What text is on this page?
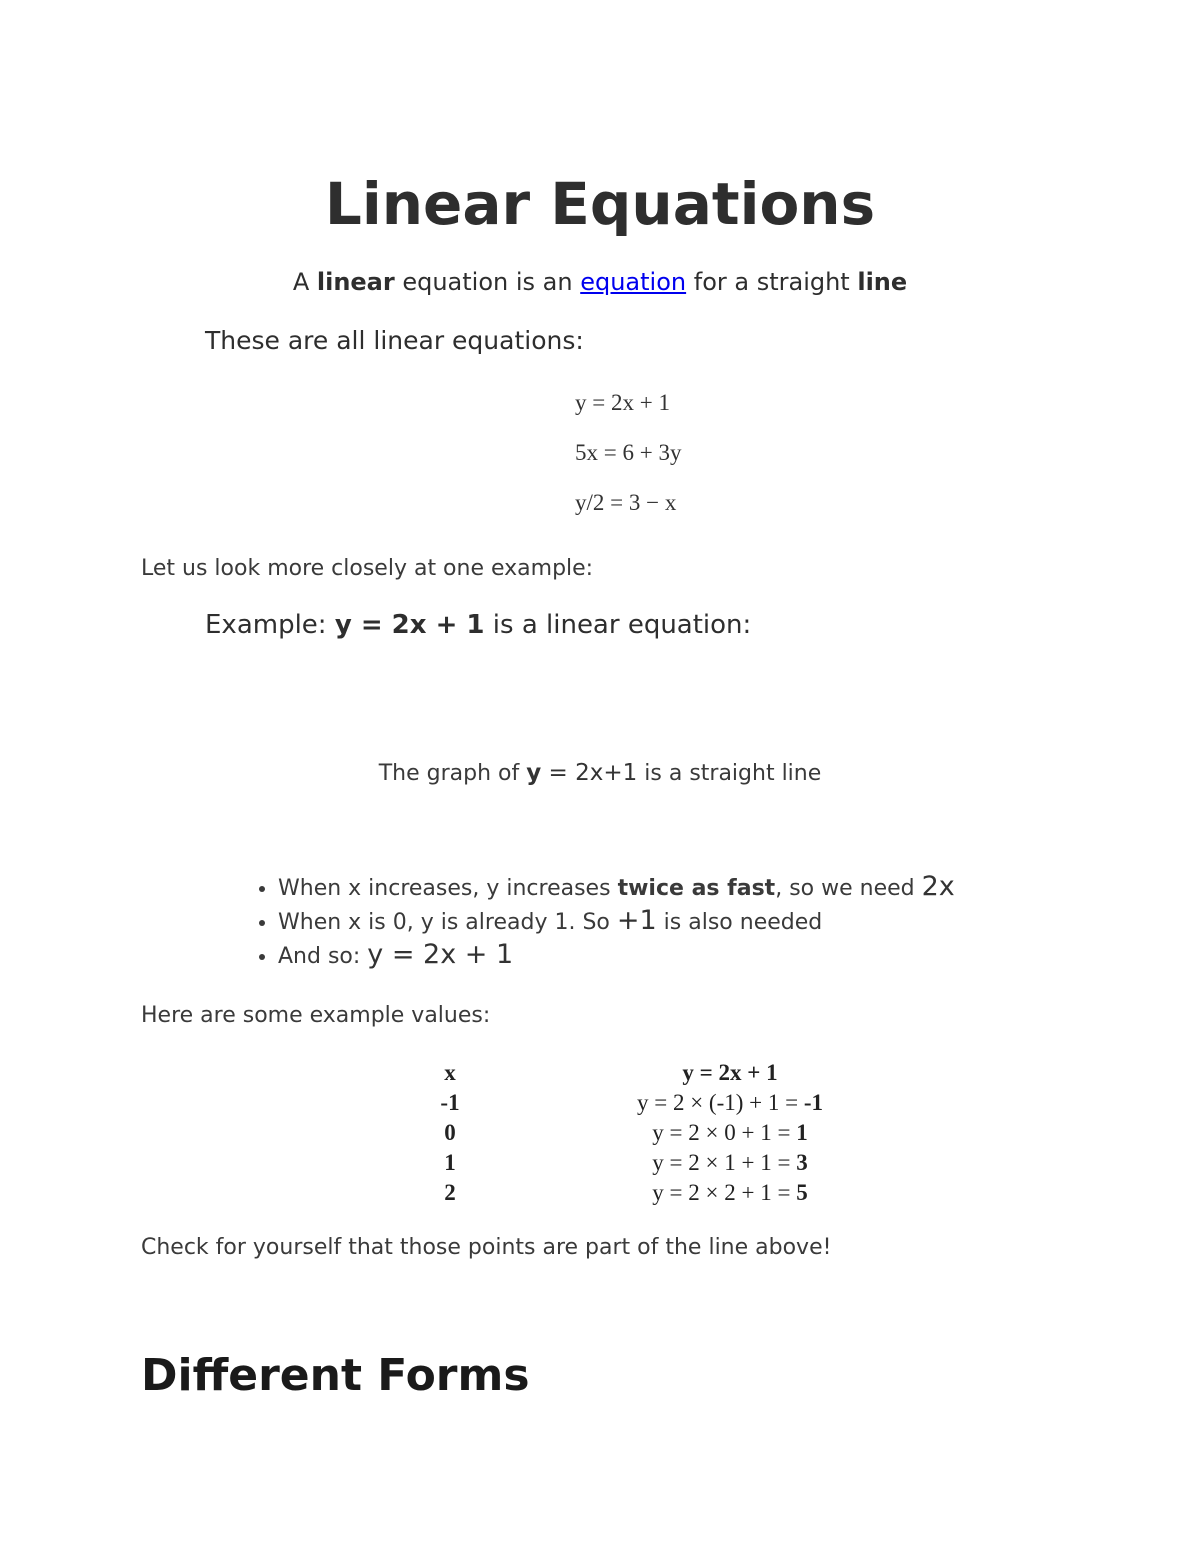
Linear Equations
A linear equation is an equation for a straight line
These are all linear equations:
y = 2x + 1
5x = 6 + 3y
y/2 = 3 − x
Let us look more closely at one example:
Example: y = 2x + 1 is a linear equation:
The graph of y = 2x+1 is a straight line
• When x increases, y increases twice as fast, so we need 2x
• When x is 0, y is already 1. So +1 is also needed
• And so: y = 2x + 1
Here are some example values:
x	y = 2x + 1
-1	y = 2 × (-1) + 1 = -1
0	y = 2 × 0 + 1 = 1
1	y = 2 × 1 + 1 = 3
2	y = 2 × 2 + 1 = 5
Check for yourself that those points are part of the line above!
Different Forms
